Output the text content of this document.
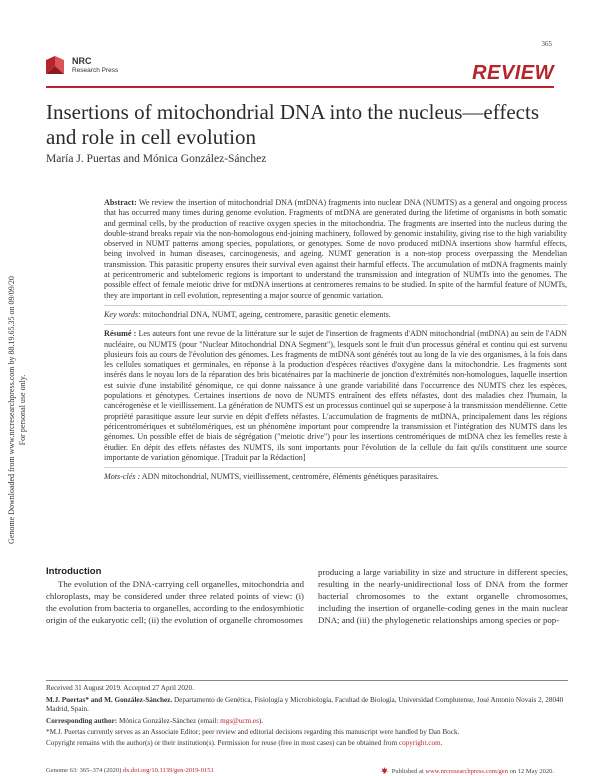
365
NRC
Research Press	REVIEW
Insertions of mitochondrial DNA into the nucleus—effects and role in cell evolution
María J. Puertas and Mónica González-Sánchez
Genome Downloaded from www.nrcresearchpress.com by 88.19.65.35 on 09/09/20 For personal use only.

Abstract: We review the insertion of mitochondrial DNA (mtDNA) fragments into nuclear DNA (NUMTS) as a general and ongoing process that has occurred many times during genome evolution. Fragments of mtDNA are generated during the lifetime of organisms in both somatic and germinal cells, by the production of reactive oxygen species in the mitochondria. The fragments are inserted into the nucleus during the double-strand breaks repair via the non-homologous end-joining machinery, followed by genomic instability, giving rise to the high variability observed in NUMT patterns among species, populations, or genotypes. Some de novo produced mtDNA insertions show harmful effects, being involved in human diseases, carcinogenesis, and ageing. NUMT generation is a non-stop process overpassing the Mendelian transmission. This parasitic property ensures their survival even against their harmful effects. The accumulation of mtDNA fragments mainly at pericentromeric and subtelomeric regions is important to understand the transmission and integration of NUMTs into the genomes. The possible effect of female meiotic drive for mtDNA insertions at centromeres remains to be studied. In spite of the harmful feature of NUMTs, they are important in cell evolution, representing a major source of genomic variation.

Key words: mitochondrial DNA, NUMT, ageing, centromere, parasitic genetic elements.

Résumé : Les auteurs font une revue de la littérature sur le sujet de l'insertion de fragments d'ADN mitochondrial (mtDNA) au sein de l'ADN nucléaire, ou NUMTS (pour "Nuclear Mitochondrial DNA Segment"), lesquels sont le fruit d'un processus général et continu qui est survenu plusieurs fois au cours de l'évolution des génomes. Les fragments de mtDNA sont générés tout au long de la vie des organismes, à la fois dans les cellules somatiques et germinales, en réponse à la production d'espèces réactives d'oxygène dans la mitochondrie. Les fragments sont insérés dans le noyau lors de la réparation des bris bicaténaires par la machinerie de jonction d'extrémités non-homologues, laquelle insertion est suivie d'une instabilité génomique, ce qui donne naissance à une grande variabilité dans l'occurrence des NUMTS chez les espèces, populations et génotypes. Certaines insertions de novo de NUMTS entraînent des effets néfastes, dont des maladies chez l'humain, la cancérogenèse et le vieillissement. La génération de NUMTS est un processus continuel qui se superpose à la transmission mendélienne. Cette propriété parasitique assure leur survie en dépit d'effets néfastes. L'accumulation de fragments de mtDNA, principalement dans les régions péricentromériques et subtélomériques, est un phénomène important pour comprendre la transmission et l'intégration des NUMTS dans les génomes. Un possible effet de biais de ségrégation ("meiotic drive") pour les insertions centromériques de mtDNA chez les femelles reste à étudier. En dépit des effets néfastes des NUMTS, ils sont importants pour l'évolution de la cellule du fait qu'ils constituent une source importante de variation génomique. [Traduit par la Rédaction]

Mots-clés : ADN mitochondrial, NUMTS, vieillissement, centromère, éléments génétiques parasitaires.

Introduction
The evolution of the DNA-carrying cell organelles, mitochondria and chloroplasts, may be considered under three related points of view: (i) the evolution from bacteria to organelles, according to the endosymbiotic origin of the eukaryotic cell; (ii) the evolution of organelle chromosomes
producing a large variability in size and structure in different species, resulting in the nearly-unidirectional loss of DNA from the former bacterial chromosomes to the extant organelle chromosomes, including the insertion of organelle-coding genes in the main nuclear DNA; and (iii) the phylogenetic relationships among species or pop-
Received 31 August 2019. Accepted 27 April 2020.
M.J. Puertas* and M. González-Sánchez. Departamento de Genética, Fisiología y Microbiología, Facultad de Biología, Universidad Complutense, José Antonio Novais 2, 28040 Madrid, Spain.
Corresponding author: Mónica González-Sánchez (email: mgs@ucm.es).
*M.J. Puertas currently serves as an Associate Editor; peer review and editorial decisions regarding this manuscript were handled by Dan Bock.
Copyright remains with the author(s) or their institution(s). Permission for reuse (free in most cases) can be obtained from copyright.com.
Genome 63: 365–374 (2020) dx.doi.org/10.1139/gen-2019-0151	Published at www.nrcresearchpress.com/gen on 12 May 2020.
